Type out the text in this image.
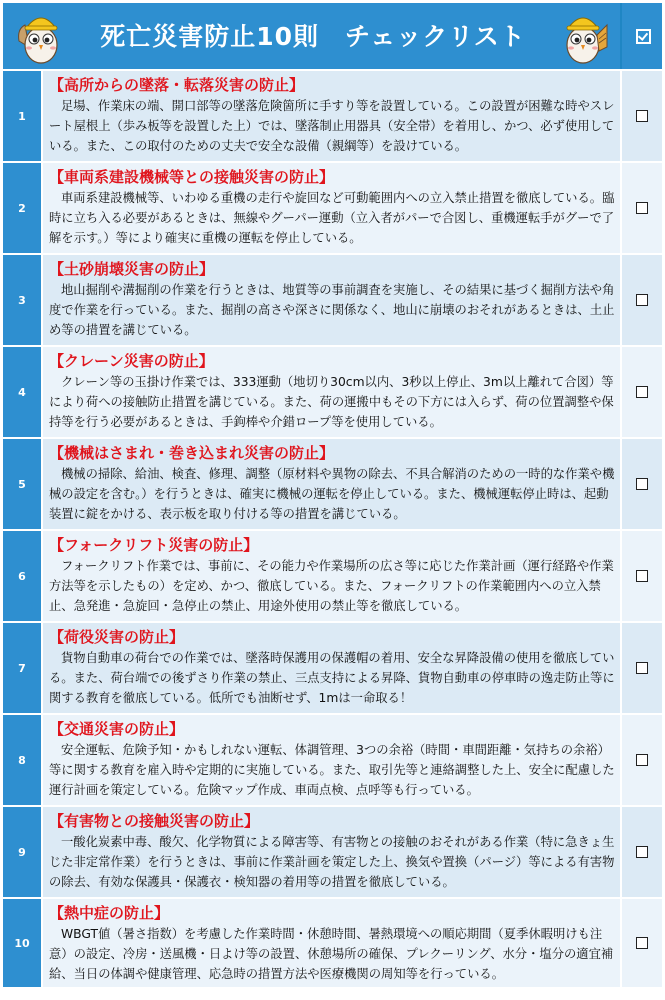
死亡災害防止10則　チェックリスト
1
【高所からの墜落・転落災害の防止】
足場、作業床の端、開口部等の墜落危険箇所に手すり等を設置している。この設置が困難な時やスレート屋根上（歩み板等を設置した上）では、墜落制止用器具（安全帯）を着用し、かつ、必ず使用している。また、この取付のための丈夫で安全な設備（親綱等）を設けている。
2
【車両系建設機械等との接触災害の防止】
車両系建設機械等、いわゆる重機の走行や旋回など可動範囲内への立入禁止措置を徹底している。臨時に立ち入る必要があるときは、無線やグーパー運動（立入者がパーで合図し、重機運転手がグーで了解を示す。）等により確実に重機の運転を停止している。
3
【土砂崩壊災害の防止】
地山掘削や溝掘削の作業を行うときは、地質等の事前調査を実施し、その結果に基づく掘削方法や角度で作業を行っている。また、掘削の高さや深さに関係なく、地山に崩壊のおそれがあるときは、土止め等の措置を講じている。
4
【クレーン災害の防止】
クレーン等の玉掛け作業では、333運動（地切り30cm以内、3秒以上停止、3m以上離れて合図）等により荷への接触防止措置を講じている。また、荷の運搬中もその下方には入らず、荷の位置調整や保持等を行う必要があるときは、手鉤棒や介錯ロープ等を使用している。
5
【機械はさまれ・巻き込まれ災害の防止】
機械の掃除、給油、検査、修理、調整（原材料や異物の除去、不具合解消のための一時的な作業や機械の設定を含む。）を行うときは、確実に機械の運転を停止している。また、機械運転停止時は、起動装置に錠をかける、表示板を取り付ける等の措置を講じている。
6
【フォークリフト災害の防止】
フォークリフト作業では、事前に、その能力や作業場所の広さ等に応じた作業計画（運行経路や作業方法等を示したもの）を定め、かつ、徹底している。また、フォークリフトの作業範囲内への立入禁止、急発進・急旋回・急停止の禁止、用途外使用の禁止等を徹底している。
7
【荷役災害の防止】
貨物自動車の荷台での作業では、墜落時保護用の保護帽の着用、安全な昇降設備の使用を徹底している。また、荷台端での後ずさり作業の禁止、三点支持による昇降、貨物自動車の停車時の逸走防止等に関する教育を徹底している。低所でも油断せず、1mは一命取る！
8
【交通災害の防止】
安全運転、危険予知・かもしれない運転、体調管理、3つの余裕（時間・車間距離・気持ちの余裕）等に関する教育を雇入時や定期的に実施している。また、取引先等と連絡調整した上、安全に配慮した運行計画を策定している。危険マップ作成、車両点検、点呼等も行っている。
9
【有害物との接触災害の防止】
一酸化炭素中毒、酸欠、化学物質による障害等、有害物との接触のおそれがある作業（特に急きょ生じた非定常作業）を行うときは、事前に作業計画を策定した上、換気や置換（パージ）等による有害物の除去、有効な保護具・保護衣・検知器の着用等の措置を徹底している。
10
【熱中症の防止】
WBGT値（暑さ指数）を考慮した作業時間・休憩時間、暑熱環境への順応期間（夏季休暇明けも注意）の設定、冷房・送風機・日よけ等の設置、休憩場所の確保、プレクーリング、水分・塩分の適宜補給、当日の体調や健康管理、応急時の措置方法や医療機関の周知等を行っている。
